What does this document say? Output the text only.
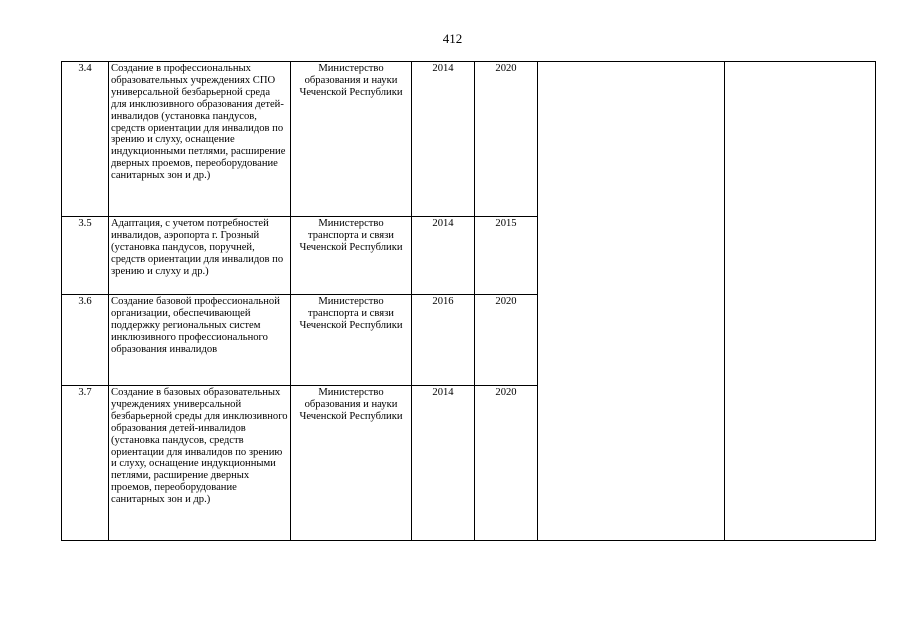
412
3.4	Создание в профессиональных образовательных учреждениях СПО универсальной безбарьерной среда для инклюзивного образования детей-инвалидов (установка пандусов, средств ориентации для инвалидов по зрению и слуху, оснащение индукционными петлями, расширение дверных проемов, переоборудование санитарных зон и др.)	Министерство образования и науки Чеченской Республики	2014	2020		
3.5	Адаптация, с учетом потребностей инвалидов, аэропорта г. Грозный (установка пандусов, поручней, средств ориентации для инвалидов по зрению и слуху и др.)	Министерство транспорта и связи Чеченской Республики	2014	2015		
3.6	Создание базовой профессиональной организации, обеспечивающей поддержку региональных систем инклюзивного профессионального образования инвалидов	Министерство транспорта и связи Чеченской Республики	2016	2020		
3.7	Создание в базовых образовательных учреждениях универсальной безбарьерной среды для инклюзивного образования детей-инвалидов (установка пандусов, средств ориентации для инвалидов по зрению и слуху, оснащение индукционными петлями, расширение дверных проемов, переоборудование санитарных зон и др.)	Министерство образования и науки Чеченской Республики	2014	2020		
